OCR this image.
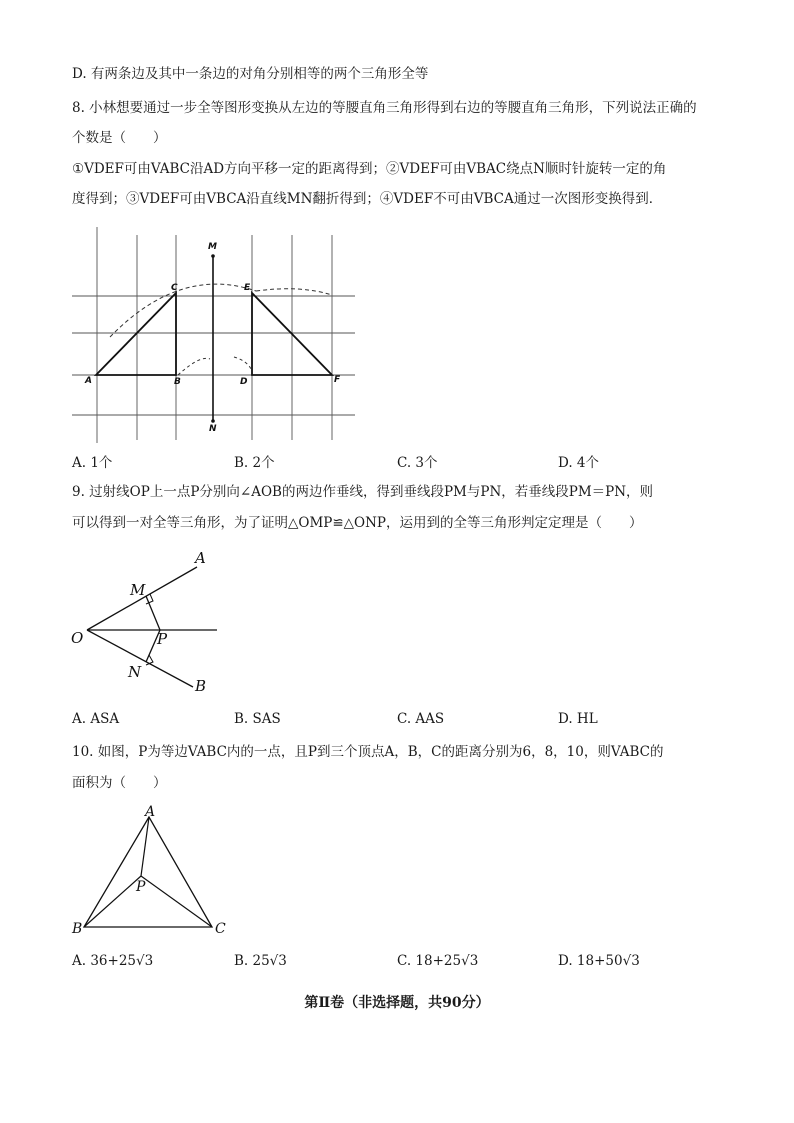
D. 有两条边及其中一条边的对角分别相等的两个三角形全等
8. 小林想要通过一步全等图形变换从左边的等腰直角三角形得到右边的等腰直角三角形，下列说法正确的
个数是（　　）
①VDEF可由VABC沿AD方向平移一定的距离得到；②VDEF可由VBAC绕点N顺时针旋转一定的角
度得到；③VDEF可由VBCA沿直线MN翻折得到；④VDEF不可由VBCA通过一次图形变换得到．
M
N
A	B
C
D
E
F
A. 1个	B. 2个	C. 3个	D. 4个
9. 过射线OP上一点P分别向∠AOB的两边作垂线，得到垂线段PM与PN，若垂线段PM＝PN，则
可以得到一对全等三角形，为了证明△OMP≌△ONP，运用到的全等三角形判定定理是（　　）
A
M
O	P
N
B
A. ASA	B. SAS	C. AAS	D. HL
10. 如图，P为等边VABC内的一点，且P到三个顶点A，B，C的距离分别为6，8，10，则VABC的
面积为（　　）
A
P
B	C
A. 36+25√3	B. 25√3	C. 18+25√3	D. 18+50√3
第Ⅱ卷（非选择题，共90分）
